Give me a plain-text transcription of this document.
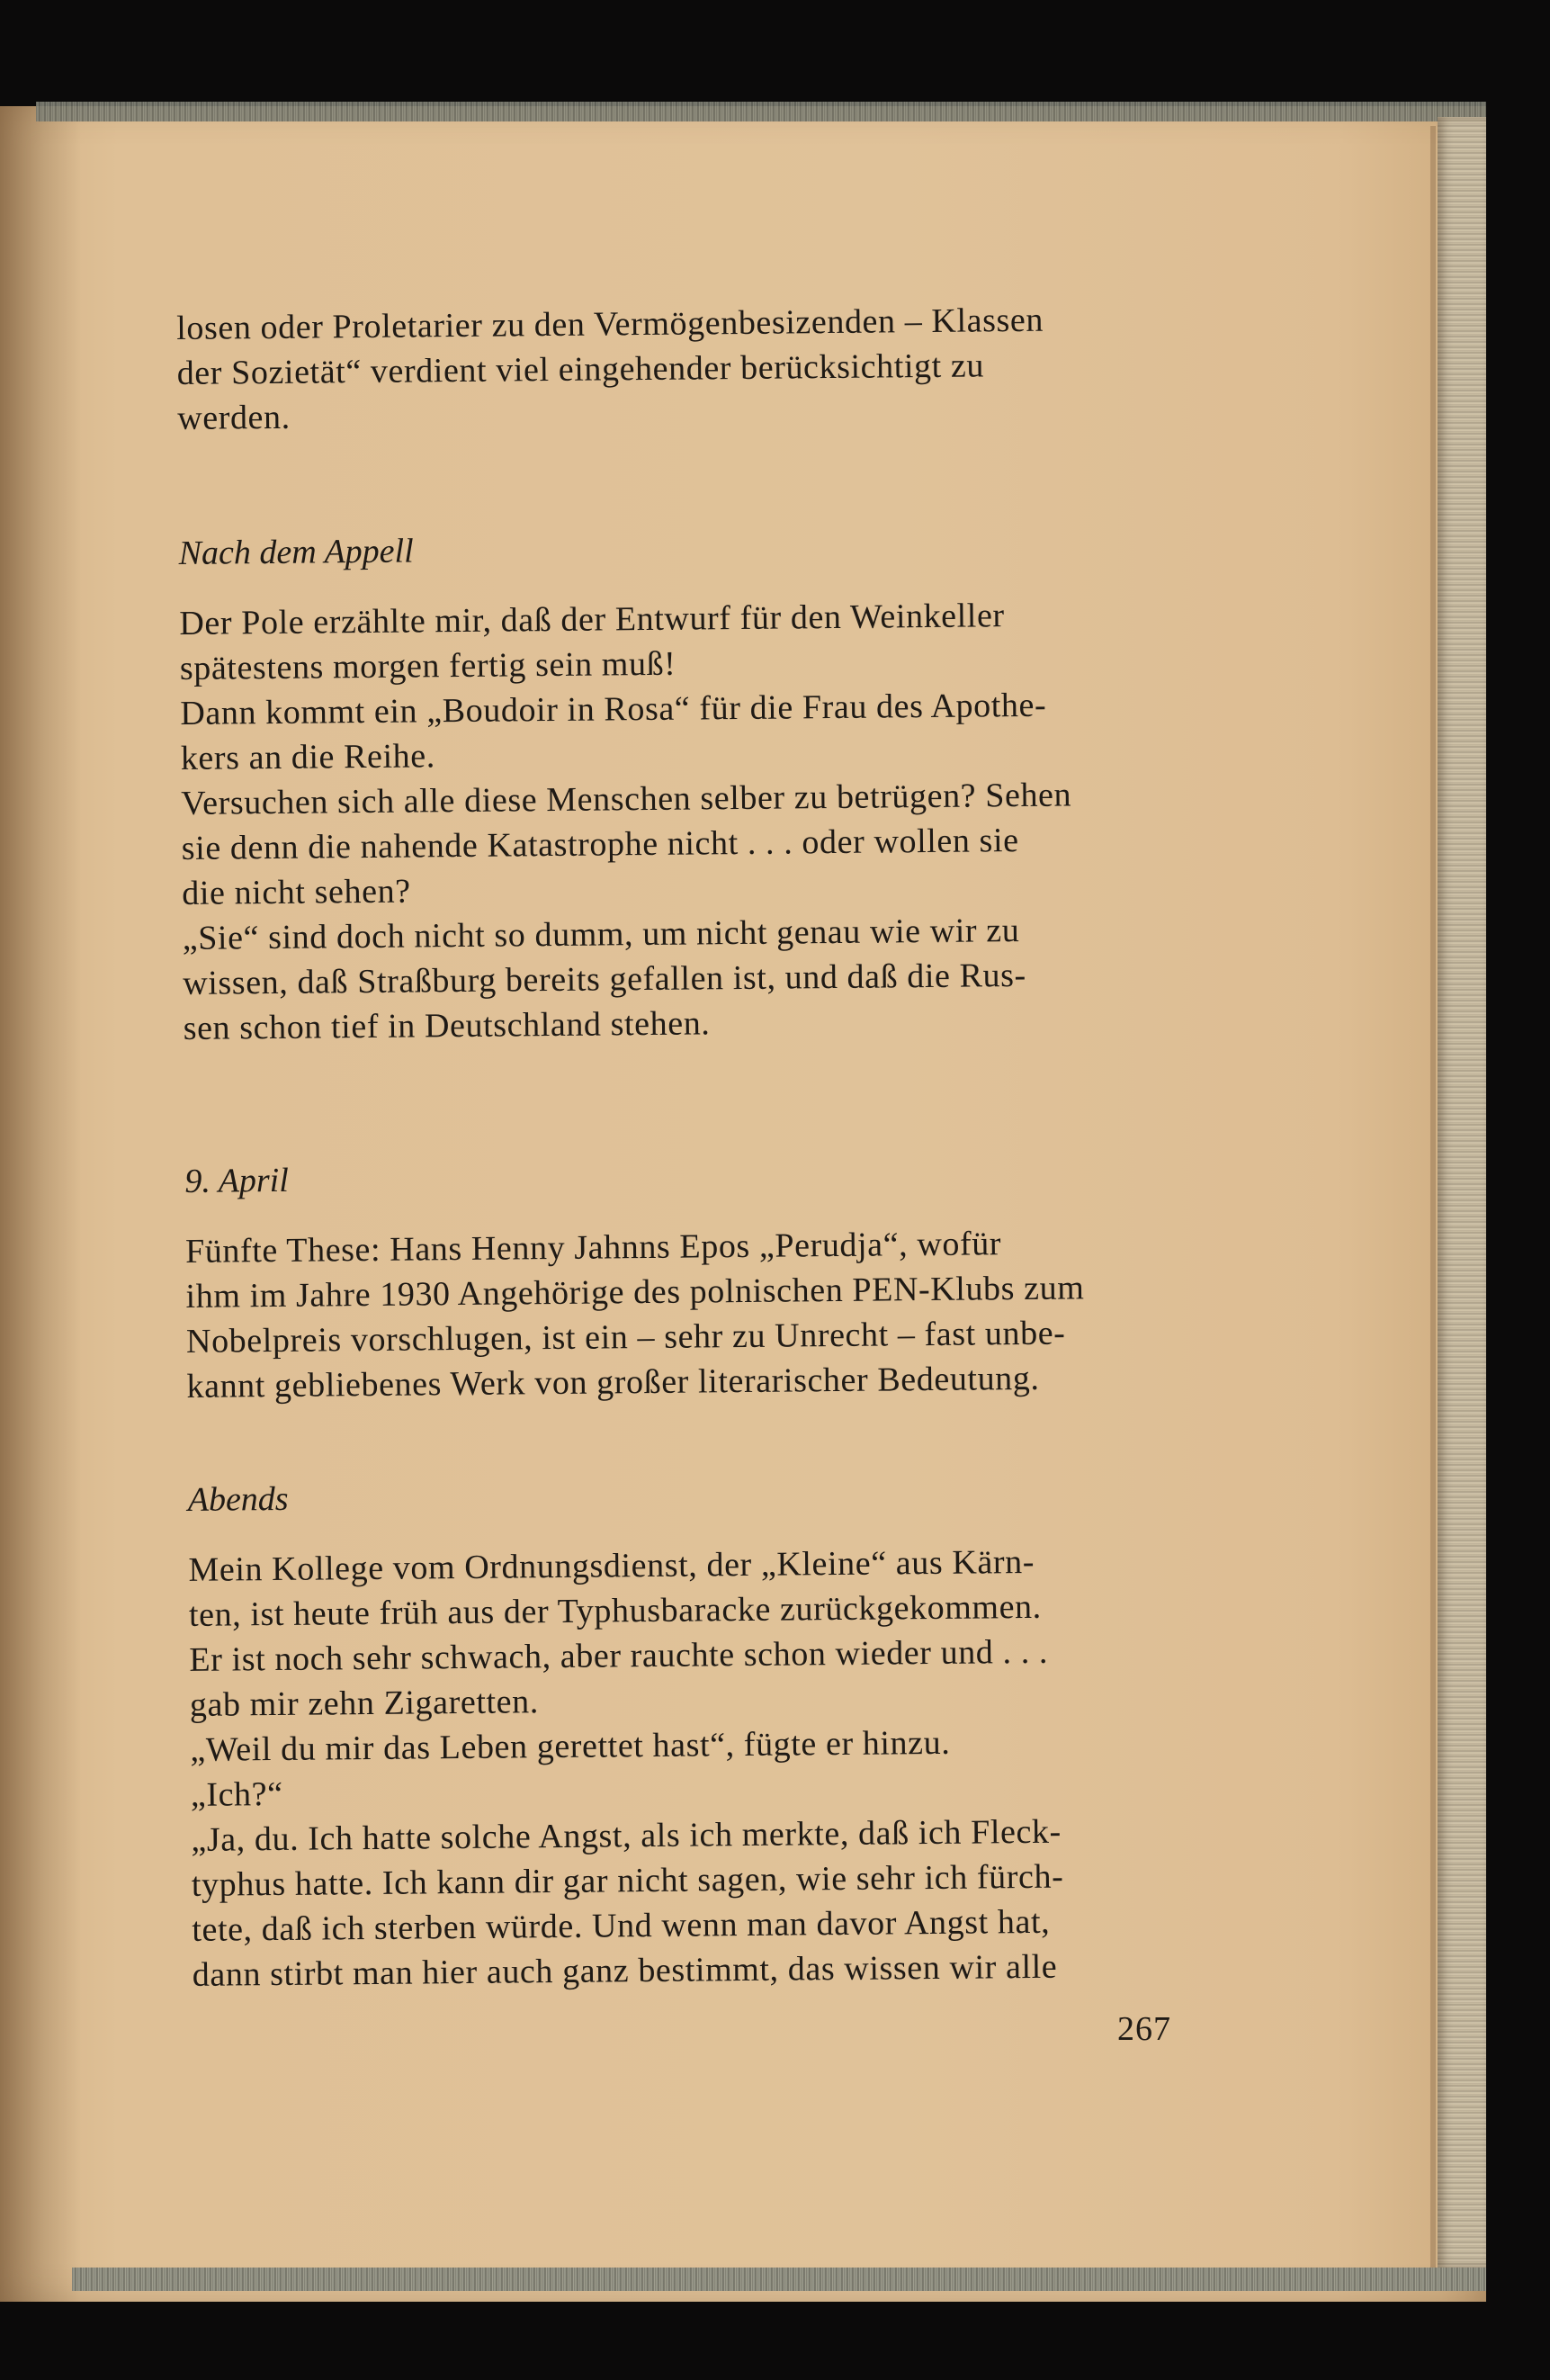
losen oder Proletarier zu den Vermögenbesizenden – Klassen
der Sozietät“ verdient viel eingehender berücksichtigt zu
werden.

Nach dem Appell

Der Pole erzählte mir, daß der Entwurf für den Weinkeller
spätestens morgen fertig sein muß!

Dann kommt ein „Boudoir in Rosa“ für die Frau des Apothe-
kers an die Reihe.

Versuchen sich alle diese Menschen selber zu betrügen? Sehen
sie denn die nahende Katastrophe nicht . . . oder wollen sie
die nicht sehen?

„Sie“ sind doch nicht so dumm, um nicht genau wie wir zu
wissen, daß Straßburg bereits gefallen ist, und daß die Rus-
sen schon tief in Deutschland stehen.

9. April

Fünfte These: Hans Henny Jahnns Epos „Perudja“, wofür
ihm im Jahre 1930 Angehörige des polnischen PEN-Klubs zum
Nobelpreis vorschlugen, ist ein – sehr zu Unrecht – fast unbe-
kannt gebliebenes Werk von großer literarischer Bedeutung.

Abends

Mein Kollege vom Ordnungsdienst, der „Kleine“ aus Kärn-
ten, ist heute früh aus der Typhusbaracke zurückgekommen.
Er ist noch sehr schwach, aber rauchte schon wieder und . . .
gab mir zehn Zigaretten.

„Weil du mir das Leben gerettet hast“, fügte er hinzu.

„Ich?“

„Ja, du. Ich hatte solche Angst, als ich merkte, daß ich Fleck-
typhus hatte. Ich kann dir gar nicht sagen, wie sehr ich fürch-
tete, daß ich sterben würde. Und wenn man davor Angst hat,
dann stirbt man hier auch ganz bestimmt, das wissen wir alle

267
